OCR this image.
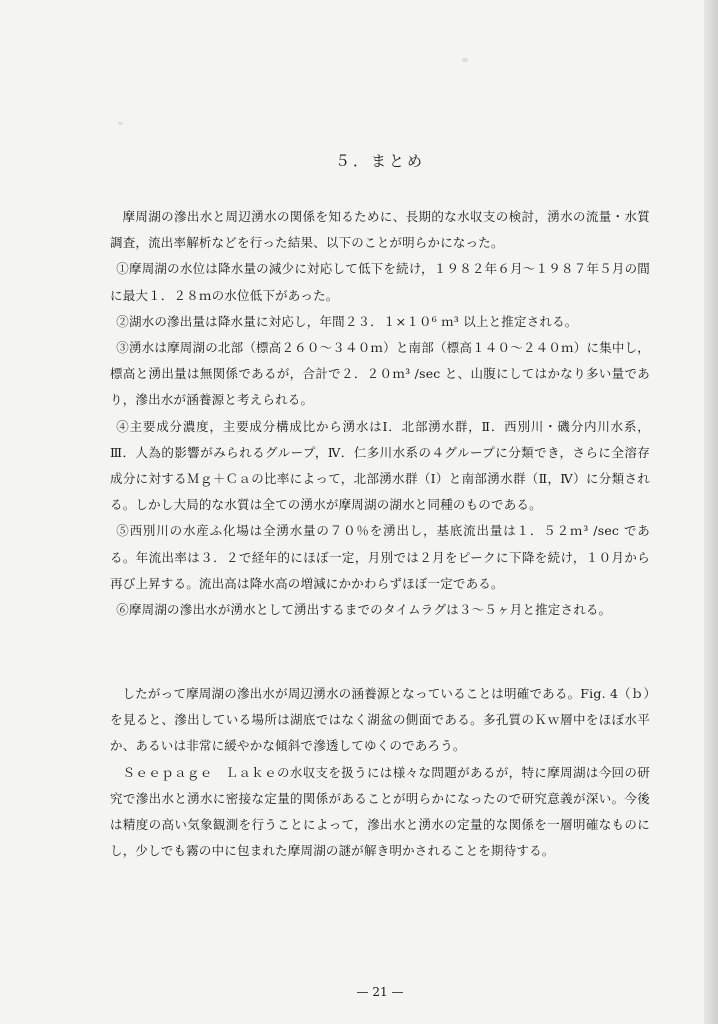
５．まとめ

摩周湖の滲出水と周辺湧水の関係を知るために、長期的な水収支の検討，湧水の流量・水質調査，流出率解析などを行った結果、以下のことが明らかになった。

①摩周湖の水位は降水量の減少に対応して低下を続け，１９８２年６月〜１９８７年５月の間に最大１．２８ｍの水位低下があった。

②湖水の滲出量は降水量に対応し，年間２３．１×１０⁶ ｍ³ 以上と推定される。

③湧水は摩周湖の北部（標高２６０〜３４０ｍ）と南部（標高１４０〜２４０ｍ）に集中し，標高と湧出量は無関係であるが，合計で２．２０ｍ³ /sec と、山腹にしてはかなり多い量であり，滲出水が涵養源と考えられる。

④主要成分濃度，主要成分構成比から湧水はⅠ．北部湧水群，Ⅱ．西別川・磯分内川水系，Ⅲ．人為的影響がみられるグループ，Ⅳ．仁多川水系の４グループに分類でき，さらに全溶存成分に対するＭｇ＋Ｃａの比率によって，北部湧水群（Ⅰ）と南部湧水群（Ⅱ，Ⅳ）に分類される。しかし大局的な水質は全ての湧水が摩周湖の湖水と同種のものである。

⑤西別川の水産ふ化場は全湧水量の７０％を湧出し，基底流出量は１．５２ｍ³ /sec である。年流出率は３．２で経年的にほぼ一定，月別では２月をピークに下降を続け，１０月から再び上昇する。流出高は降水高の増減にかかわらずほぼ一定である。

⑥摩周湖の滲出水が湧水として湧出するまでのタイムラグは３〜５ヶ月と推定される。

したがって摩周湖の滲出水が周辺湧水の涵養源となっていることは明確である。Fig. 4（ｂ）を見ると、滲出している場所は湖底ではなく湖盆の側面である。多孔質のＫｗ層中をほぼ水平か、あるいは非常に緩やかな傾斜で滲透してゆくのであろう。

Ｓｅｅｐａｇｅ　Ｌａｋｅの水収支を扱うには様々な問題があるが，特に摩周湖は今回の研究で滲出水と湧水に密接な定量的関係があることが明らかになったので研究意義が深い。今後は精度の高い気象観測を行うことによって，滲出水と湧水の定量的な関係を一層明確なものにし，少しでも霧の中に包まれた摩周湖の謎が解き明かされることを期待する。

— 21 —
